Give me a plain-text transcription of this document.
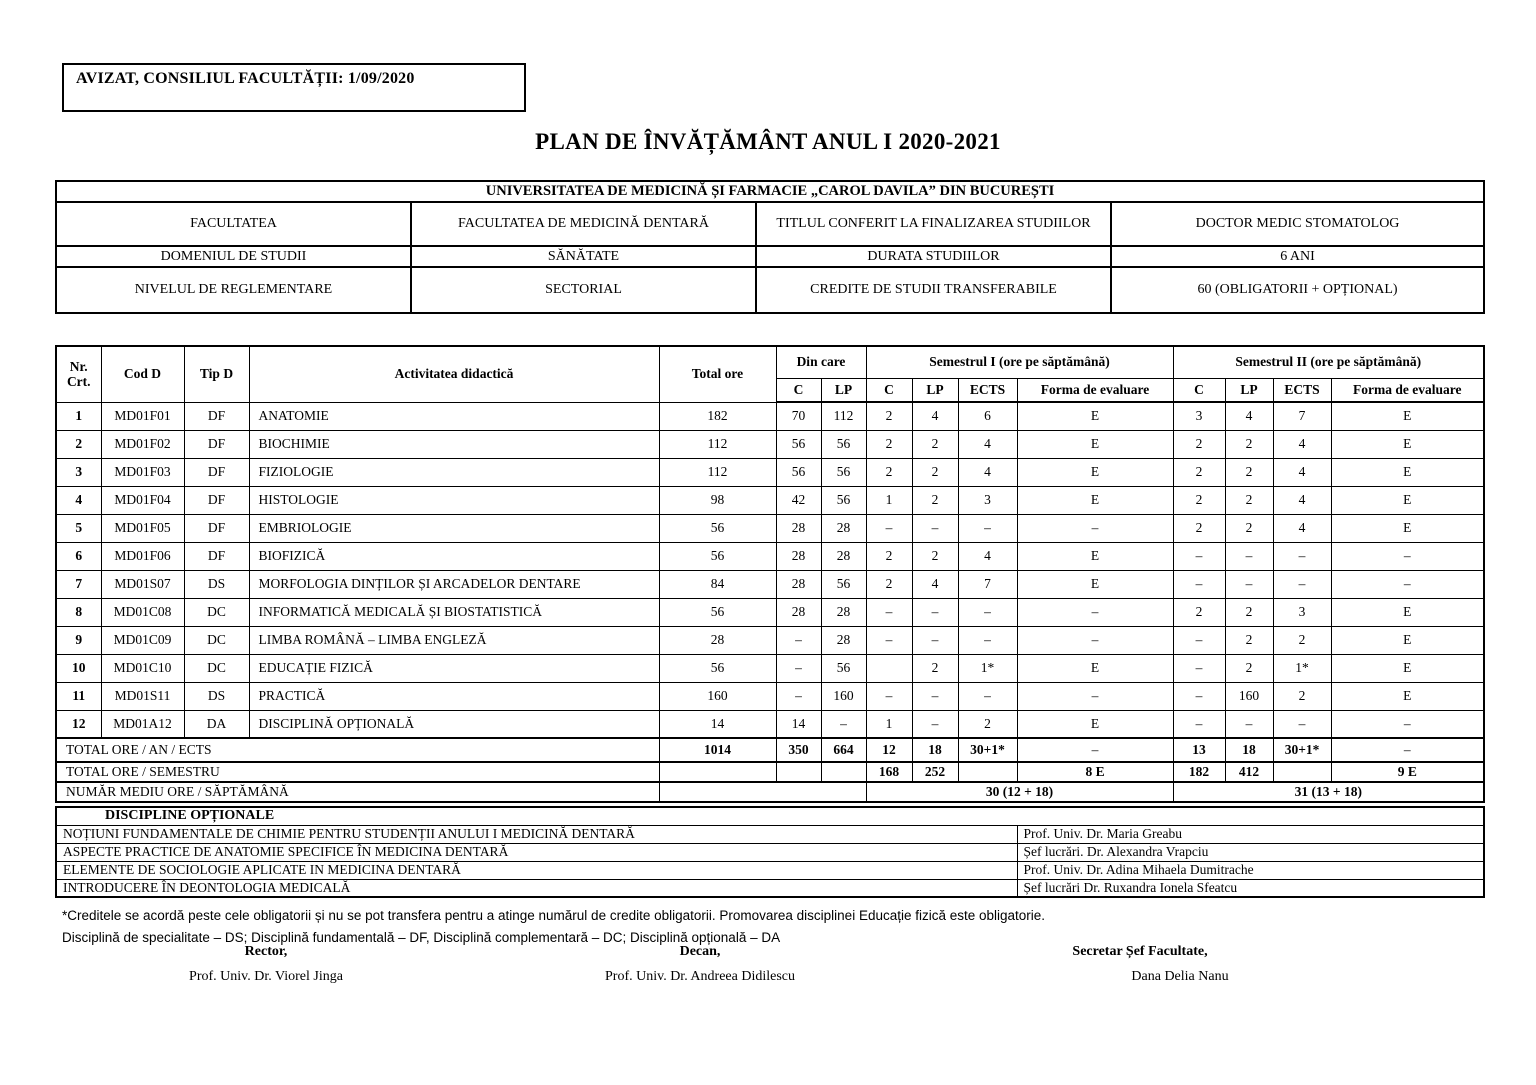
AVIZAT, CONSILIUL FACULTĂȚII: 1/09/2020
PLAN DE ÎNVĂȚĂMÂNT ANUL I 2020-2021
UNIVERSITATEA DE MEDICINĂ ȘI FARMACIE „CAROL DAVILA” DIN BUCUREȘTI			
FACULTATEA	FACULTATEA DE MEDICINĂ DENTARĂ	TITLUL CONFERIT LA FINALIZAREA STUDIILOR	DOCTOR MEDIC STOMATOLOG
DOMENIUL DE STUDII	SĂNĂTATE	DURATA STUDIILOR	6 ANI
NIVELUL DE REGLEMENTARE	SECTORIAL	CREDITE DE STUDII TRANSFERABILE	60 (OBLIGATORII + OPȚIONAL)
Nr. Crt.	Cod D	Tip D	Activitatea didactică	Total ore	Din care		Semestrul I (ore pe săptămână)				Semestrul II (ore pe săptămână)			
					C	LP	C	LP	ECTS	Forma de evaluare	C	LP	ECTS	Forma de evaluare
1	MD01F01	DF	ANATOMIE	182	70	112	2	4	6	E	3	4	7	E
2	MD01F02	DF	BIOCHIMIE	112	56	56	2	2	4	E	2	2	4	E
3	MD01F03	DF	FIZIOLOGIE	112	56	56	2	2	4	E	2	2	4	E
4	MD01F04	DF	HISTOLOGIE	98	42	56	1	2	3	E	2	2	4	E
5	MD01F05	DF	EMBRIOLOGIE	56	28	28	–	–	–	–	2	2	4	E
6	MD01F06	DF	BIOFIZICĂ	56	28	28	2	2	4	E	–	–	–	–
7	MD01S07	DS	MORFOLOGIA DINȚILOR ȘI ARCADELOR DENTARE	84	28	56	2	4	7	E	–	–	–	–
8	MD01C08	DC	INFORMATICĂ MEDICALĂ ȘI BIOSTATISTICĂ	56	28	28	–	–	–	–	2	2	3	E
9	MD01C09	DC	LIMBA ROMÂNĂ – LIMBA ENGLEZĂ	28	–	28	–	–	–	–	–	2	2	E
10	MD01C10	DC	EDUCAȚIE FIZICĂ	56	–	56		2	1*	E	–	2	1*	E
11	MD01S11	DS	PRACTICĂ	160	–	160	–	–	–	–	–	160	2	E
12	MD01A12	DA	DISCIPLINĂ OPȚIONALĂ	14	14	–	1	–	2	E	–	–	–	–
TOTAL ORE / AN / ECTS				1014	350	664	12	18	30+1*	–	13	18	30+1*	–
TOTAL ORE / SEMESTRU							168	252		8 E	182	412		9 E
NUMĂR MEDIU ORE / SĂPTĂMÂNĂ							30 (12 + 18)				31 (13 + 18)			
DISCIPLINE OPȚIONALE	
NOȚIUNI FUNDAMENTALE DE CHIMIE PENTRU STUDENȚII ANULUI I MEDICINĂ DENTARĂ	Prof. Univ. Dr. Maria Greabu
ASPECTE PRACTICE DE ANATOMIE SPECIFICE ÎN MEDICINA DENTARĂ	Șef lucrări. Dr. Alexandra Vrapciu
ELEMENTE DE SOCIOLOGIE APLICATE IN MEDICINA DENTARĂ	Prof. Univ. Dr. Adina Mihaela Dumitrache
INTRODUCERE ÎN DEONTOLOGIA MEDICALĂ	Șef lucrări Dr. Ruxandra Ionela Sfeatcu
*Creditele se acordă peste cele obligatorii și nu se pot transfera pentru a atinge numărul de credite obligatorii. Promovarea disciplinei Educație fizică este obligatorie.
Disciplină de specialitate – DS; Disciplină fundamentală – DF, Disciplină complementară – DC; Disciplină opțională – DA
Rector,	Decan,	Secretar Șef Facultate,
Prof. Univ. Dr. Viorel Jinga	Prof. Univ. Dr. Andreea Didilescu	Dana Delia Nanu
